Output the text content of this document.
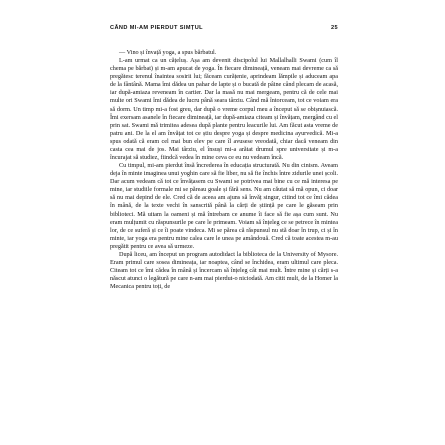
CÂND MI-AM PIERDUT SIMȚUL	25

— Vino și învață yoga, a spus bărbatul.

L-am urmat ca un cățeluș. Așa am devenit discipolul lui Mallalhalli Swami (cum îl chema pe bărbat) și m-am apucat de yoga. În fiecare dimineață, veneam mai devreme ca să pregătesc terenul înaintea sosirii lui; făceam curățenie, aprindeam lămpile și aduceam apa de la fântână. Mama îmi dădea un pahar de lapte și o bucată de pâine când plecam de acasă, iar după-amiaza reveneam în cartier. Dar la masă nu mai mergeam, pentru că de cele mai multe ori Swami îmi dădea de lucru până seara târziu. Când mă întorceam, tot ce voiam era să dorm. Un timp mi-a fost greu, dar după o vreme corpul meu a început să se obișnuiască. Îmi exersam asanele în fiecare dimineață, iar după-amiaza citeam și învățam, mergând cu el prin sat. Swami mă trimitea adesea după plante pentru leacurile lui. Am făcut asta vreme de patru ani. De la el am învățat tot ce știu despre yoga și despre medicina ayurvedică. Mi-a spus odată că eram cel mai bun elev pe care îl avusese vreodată, chiar dacă veneam din casta cea mai de jos. Mai târziu, el însuși mi-a arătat drumul spre universitate și m-a încurajat să studiez, fiindcă vedea în mine ceva ce eu nu vedeam încă.

Cu timpul, mi-am pierdut însă încrederea în educația structurată. Nu din cinism. Aveam deja în minte imaginea unui yoghin care să fie liber, nu să fie închis între zidurile unei școli. Dar acum vedeam că tot ce învățasem cu Swami se potrivea mai bine cu ce mă interesa pe mine, iar studiile formale mi se păreau goale și fără sens. Nu am căutat să mă opun, ci doar să nu mai depind de ele. Cred că de aceea am ajuns să învăț singur, citind tot ce îmi cădea în mână, de la texte vechi în sanscrită până la cărți de știință pe care le găseam prin biblioteci. Mă uitam la oameni și mă întrebam ce anume îi face să fie așa cum sunt. Nu eram mulțumit cu răspunsurile pe care le primeam. Voiam să înțeleg ce se petrece în mintea lor, de ce suferă și ce îi poate vindeca. Mi se părea că răspunsul nu stă doar în trup, ci și în minte, iar yoga era pentru mine calea care le unea pe amândouă. Cred că toate acestea m-au pregătit pentru ce avea să urmeze.

După liceu, am început un program autodidact la biblioteca de la University of Mysore. Eram primul care sosea dimineața, iar noaptea, când se închidea, eram ultimul care pleca. Citeam tot ce îmi cădea în mână și încercam să înțeleg cât mai mult. Între mine și cărți s-a născut atunci o legătură pe care n-am mai pierdut-o niciodată. Am citit mult, de la Homer la Mecanica pentru toți, de
